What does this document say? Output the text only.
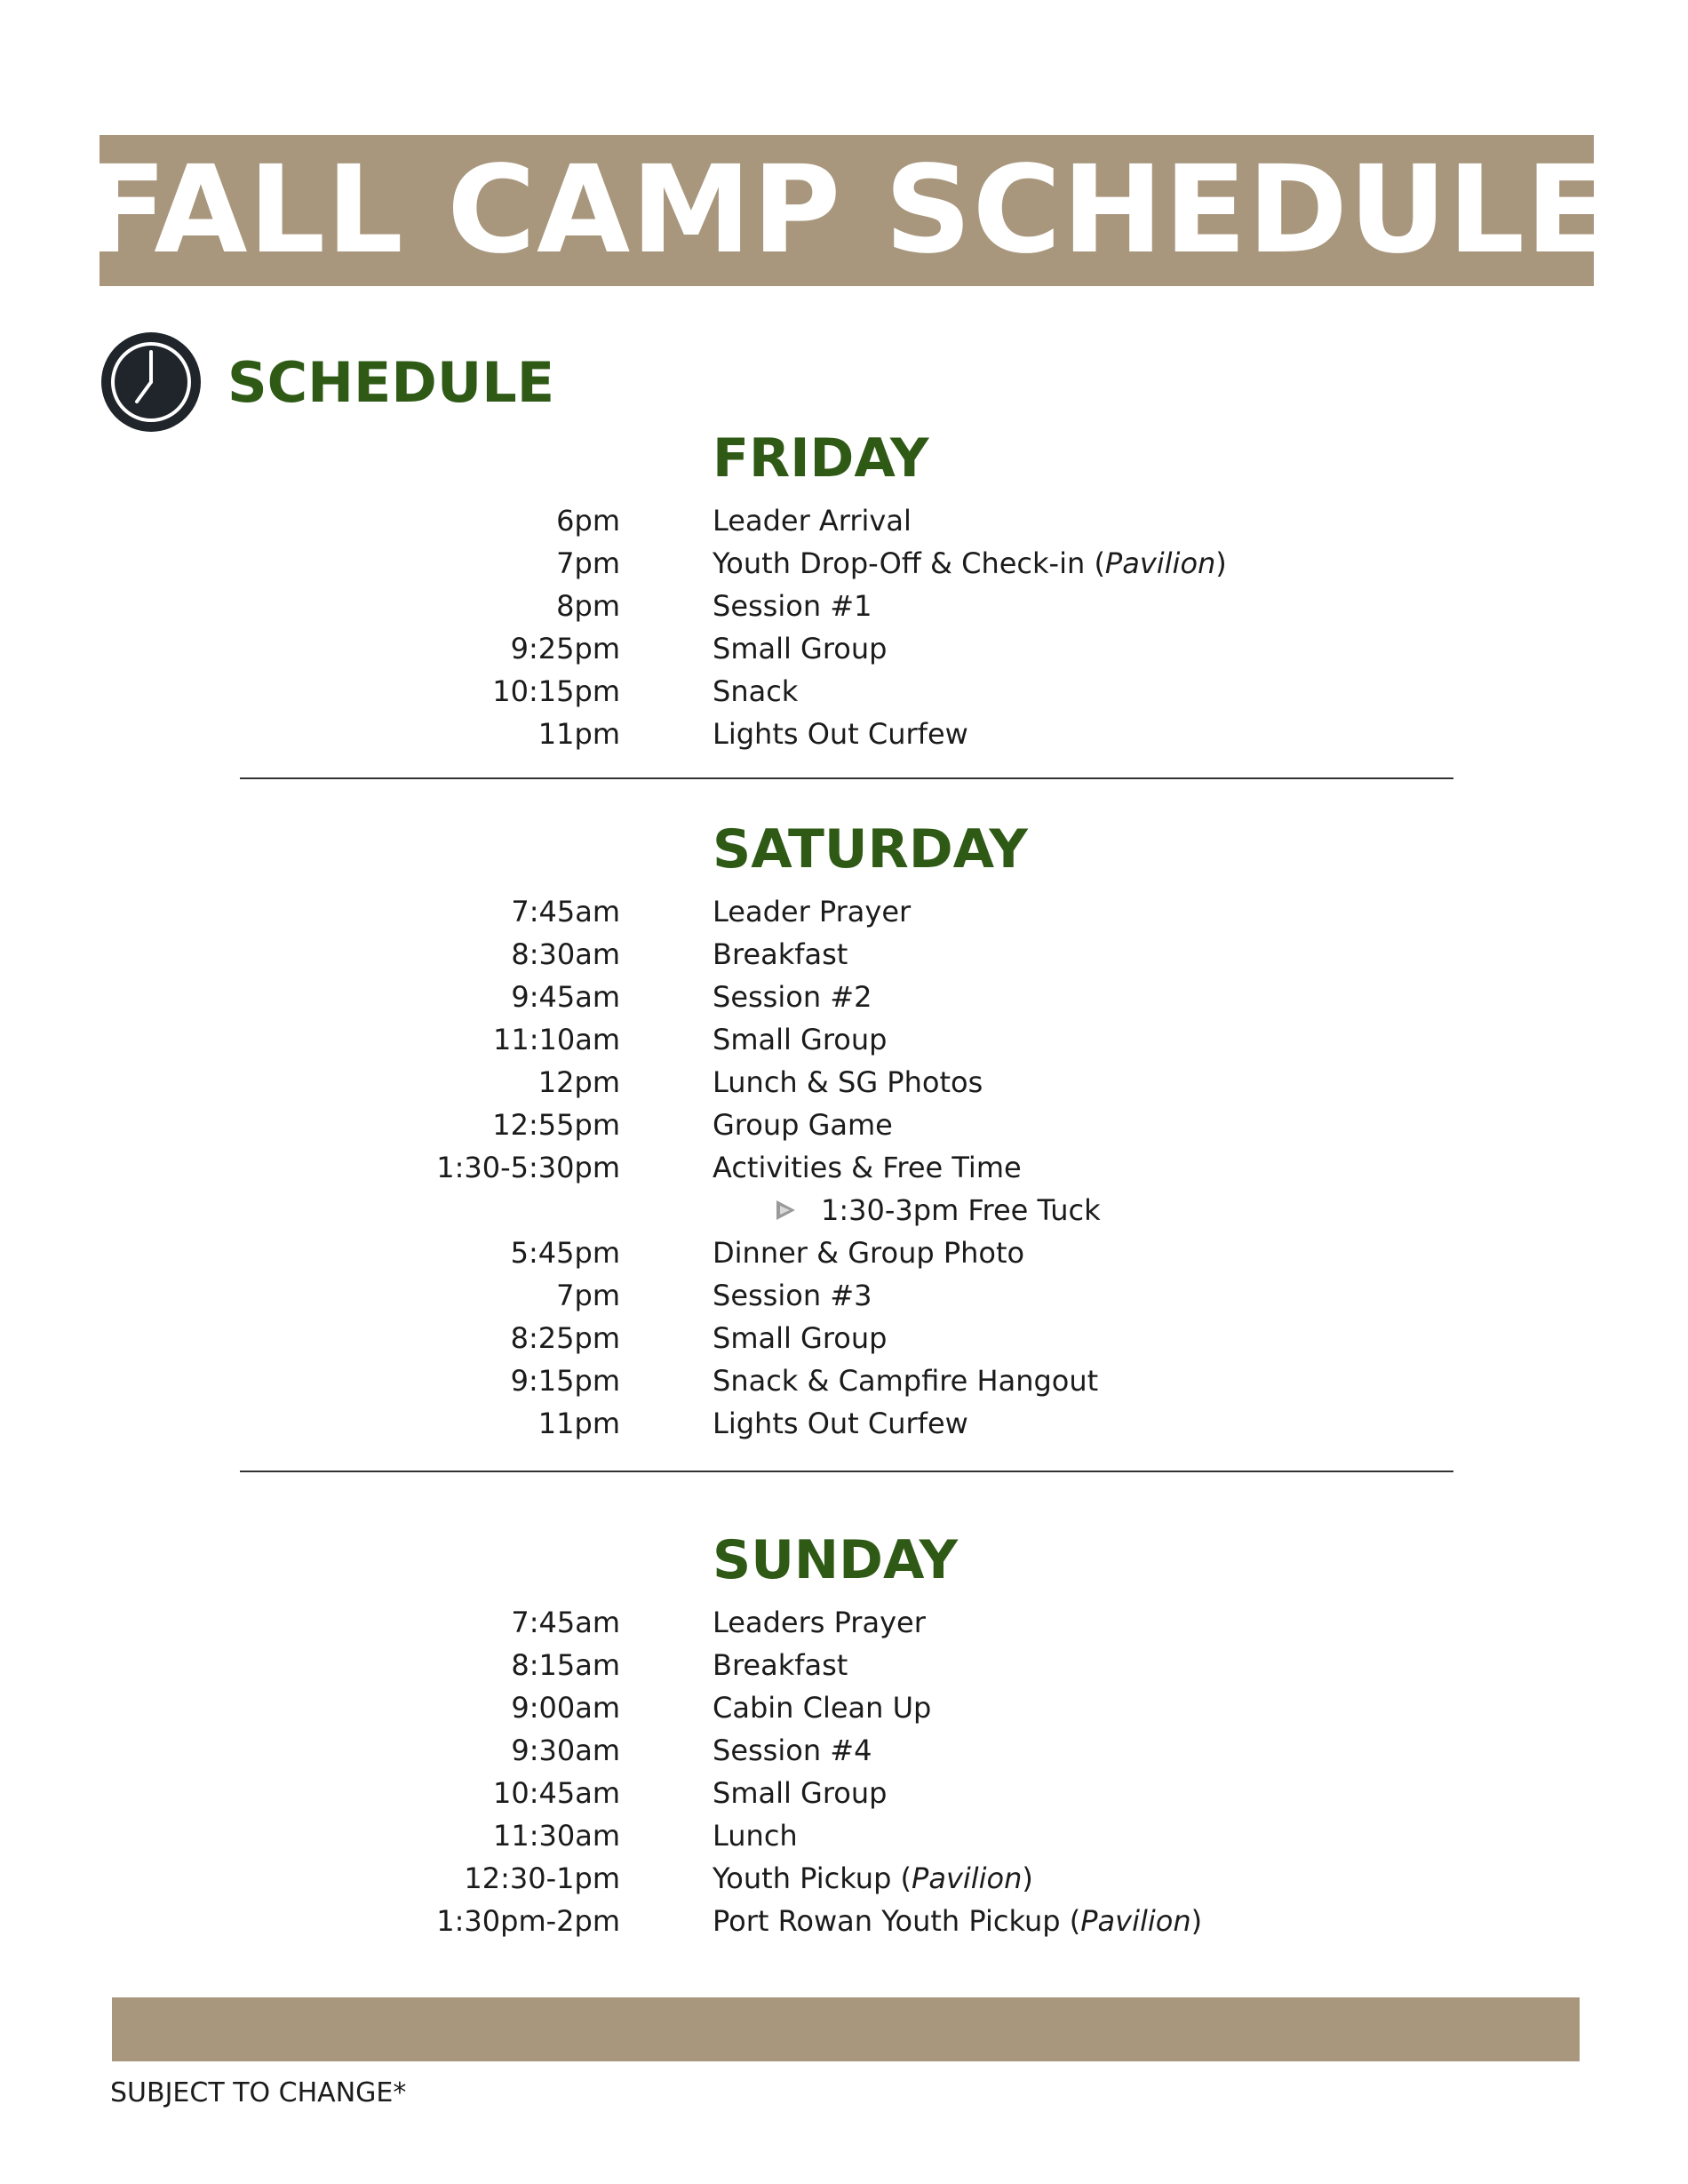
FALL CAMP SCHEDULE
SCHEDULE
FRIDAY
6pm	Leader Arrival
7pm	Youth Drop-Off & Check-in (Pavilion)
8pm	Session #1
9:25pm	Small Group
10:15pm	Snack
11pm	Lights Out Curfew
SATURDAY
7:45am	Leader Prayer
8:30am	Breakfast
9:45am	Session #2
11:10am	Small Group
12pm	Lunch & SG Photos
12:55pm	Group Game
1:30-5:30pm	Activities & Free Time
1:30-3pm Free Tuck
5:45pm	Dinner & Group Photo
7pm	Session #3
8:25pm	Small Group
9:15pm	Snack & Campfire Hangout
11pm	Lights Out Curfew
SUNDAY
7:45am	Leaders Prayer
8:15am	Breakfast
9:00am	Cabin Clean Up
9:30am	Session #4
10:45am	Small Group
11:30am	Lunch
12:30-1pm	Youth Pickup (Pavilion)
1:30pm-2pm	Port Rowan Youth Pickup (Pavilion)
SUBJECT TO CHANGE*
